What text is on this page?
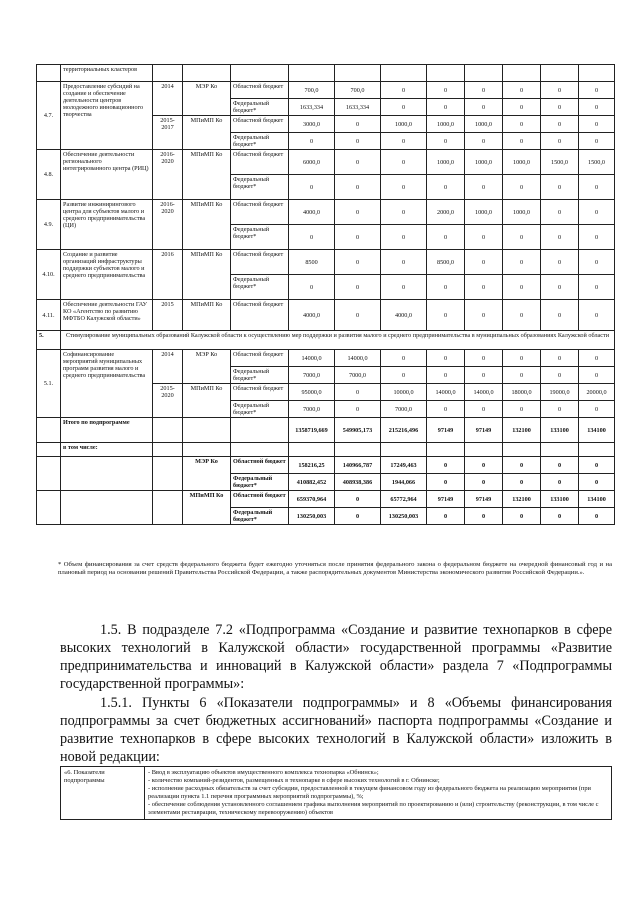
	территориальных кластеров											
4.7.	Предоставление субсидий на создание и обеспечение деятельности центров молодежного инновационного творчества	2014	МЭР Ко	Областной бюджет	700,0	700,0	0	0	0	0	0	0
				Федеральный бюджет*	1633,334	1633,334	0	0	0	0	0	0
		2015-2017	МПиМП Ко	Областной бюджет	3000,0	0	1000,0	1000,0	1000,0	0	0	0
				Федеральный бюджет*	0	0	0	0	0	0	0	0
4.8.	Обеспечение деятельности регионального интегрированного центра (РИЦ)	2016-2020	МПиМП Ко	Областной бюджет	6000,0	0	0	1000,0	1000,0	1000,0	1500,0	1500,0
				Федеральный бюджет*	0	0	0	0	0	0	0	0
4.9.	Развитие инжинирингового центра для субъектов малого и среднего предпринимательства (ЦИ)	2016-2020	МПиМП Ко	Областной бюджет	4000,0	0	0	2000,0	1000,0	1000,0	0	0
				Федеральный бюджет*	0	0	0	0	0	0	0	0
4.10.	Создание и развитие организаций инфраструктуры поддержки субъектов малого и среднего предпринимательства	2016	МПиМП Ко	Областной бюджет	8500	0	0	8500,0	0	0	0	0
				Федеральный бюджет*	0	0	0	0	0	0	0	0
4.11.	Обеспечение деятельности ГАУ КО «Агентство по развитию МФТБО Калужской области»	2015	МПиМП Ко	Областной бюджет	4000,0	0	4000,0	0	0	0	0	0
5.	Стимулирование муниципальных образований Калужской области к осуществлению мер поддержки и развития малого и среднего предпринимательства в муниципальных образованиях Калужской области											
5.1.	Софинансирование мероприятий муниципальных программ развития малого и среднего предпринимательства	2014	МЭР Ко	Областной бюджет	14000,0	14000,0	0	0	0	0	0	0
				Федеральный бюджет*	7000,0	7000,0	0	0	0	0	0	0
		2015-2020	МПиМП Ко	Областной бюджет	95000,0	0	10000,0	14000,0	14000,0	18000,0	19000,0	20000,0
				Федеральный бюджет*	7000,0	0	7000,0	0	0	0	0	0
	Итого по подпрограмме				1358719,669	549905,173	215216,496	97149	97149	132100	133100	134100
	в том числе:											
			МЭР Ко	Областной бюджет	158216,25	140966,787	17249,463	0	0	0	0	0
				Федеральный бюджет*	410882,452	408938,386	1944,066	0	0	0	0	0
			МПиМП Ко	Областной бюджет	659370,964	0	65772,964	97149	97149	132100	133100	134100
				Федеральный бюджет*	130250,003	0	130250,003	0	0	0	0	0
* Объем финансирования за счет средств федерального бюджета будет ежегодно уточняться после принятия федерального закона о федеральном бюджете на очередной финансовый год и на плановый период на основании решений Правительства Российской Федерации, а также распорядительных документов Министерства экономического развития Российской Федерации.».
1.5. В подразделе 7.2 «Подпрограмма «Создание и развитие технопарков в сфере высоких технологий в Калужской области» государственной программы «Развитие предпринимательства и инноваций в Калужской области» раздела 7 «Подпрограммы государственной программы»:
1.5.1. Пункты 6 «Показатели подпрограммы» и 8 «Объемы финансирования подпрограммы за счет бюджетных ассигнований» паспорта подпрограммы «Создание и развитие технопарков в сфере высоких технологий в Калужской области» изложить в новой редакции:
«6. Показатели подпрограммы	
- Ввод в эксплуатацию объектов имущественного комплекса технопарка «Обнинск»;
- количество компаний-резидентов, размещенных в технопарке в сфере высоких технологий в г. Обнинске;
- исполнение расходных обязательств за счет субсидии, предоставленной в текущем финансовом году из федерального бюджета на реализацию мероприятия (при реализации пункта 1.1 перечня программных мероприятий подпрограммы), %;
- обеспечение соблюдения установленного соглашением графика выполнения мероприятий по проектированию и (или) строительству (реконструкции, в том числе с элементами реставрации, техническому перевооружению) объектов
